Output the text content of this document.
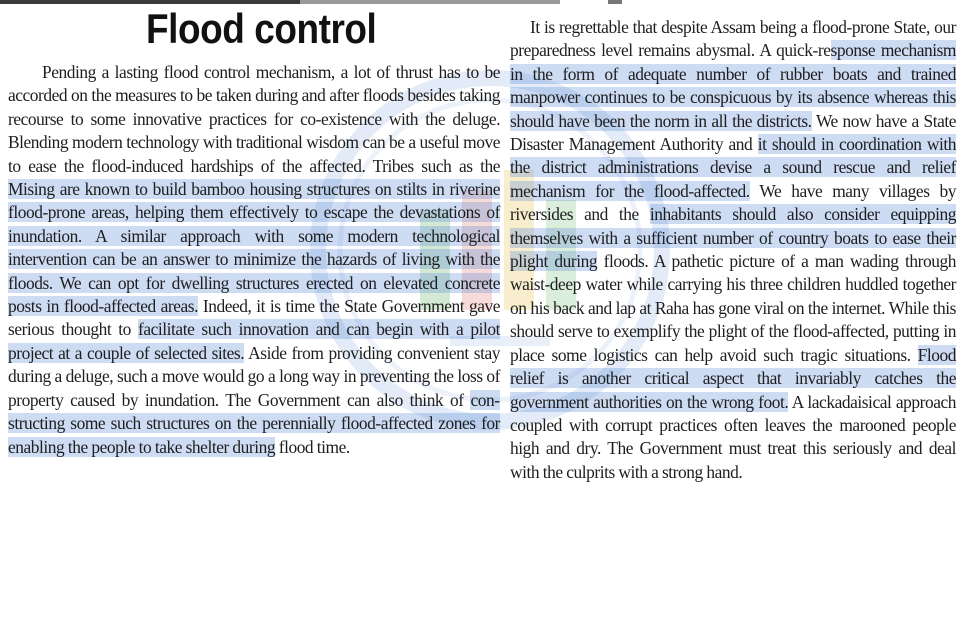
Flood control

Pending a lasting flood control mechanism, a lot of thrust has to be accorded on the measures to be taken during and after floods besides taking recourse to some innovative practices for co-existence with the deluge. Blending modern technology with traditional wisdom can be a useful move to ease the flood-induced hardships of the affected. Tribes such as the Mising are known to build bamboo housing structures on stilts in riverine flood-prone areas, helping them effectively to escape the devastations of inundation. A similar approach with some modern technological intervention can be an answer to minimize the hazards of living with the floods. We can opt for dwelling structures erected on elevated concrete posts in flood-affected areas. Indeed, it is time the State Government gave serious thought to facilitate such innovation and can begin with a pilot project at a couple of selected sites. Aside from providing convenient stay during a deluge, such a move would go a long way in preventing the loss of property caused by inundation. The Government can also think of constructing some such structures on the perennially flood-affected zones for enabling the people to take shelter during flood time.

It is regrettable that despite Assam being a flood-prone State, our preparedness level remains abysmal. A quick-response mechanism in the form of adequate number of rubber boats and trained manpower continues to be conspicuous by its absence whereas this should have been the norm in all the districts. We now have a State Disaster Management Authority and it should in coordination with the district administrations devise a sound rescue and relief mechanism for the flood-affected. We have many villages by riversides and the inhabitants should also consider equipping themselves with a sufficient number of country boats to ease their plight during floods. A pathetic picture of a man wading through waist-deep water while carrying his three children huddled together on his back and lap at Raha has gone viral on the internet. While this should serve to exemplify the plight of the flood-affected, putting in place some logistics can help avoid such tragic situations. Flood relief is another critical aspect that invariably catches the government authorities on the wrong foot. A lackadaisical approach coupled with corrupt practices often leaves the marooned people high and dry. The Government must treat this seriously and deal with the culprits with a strong hand.
